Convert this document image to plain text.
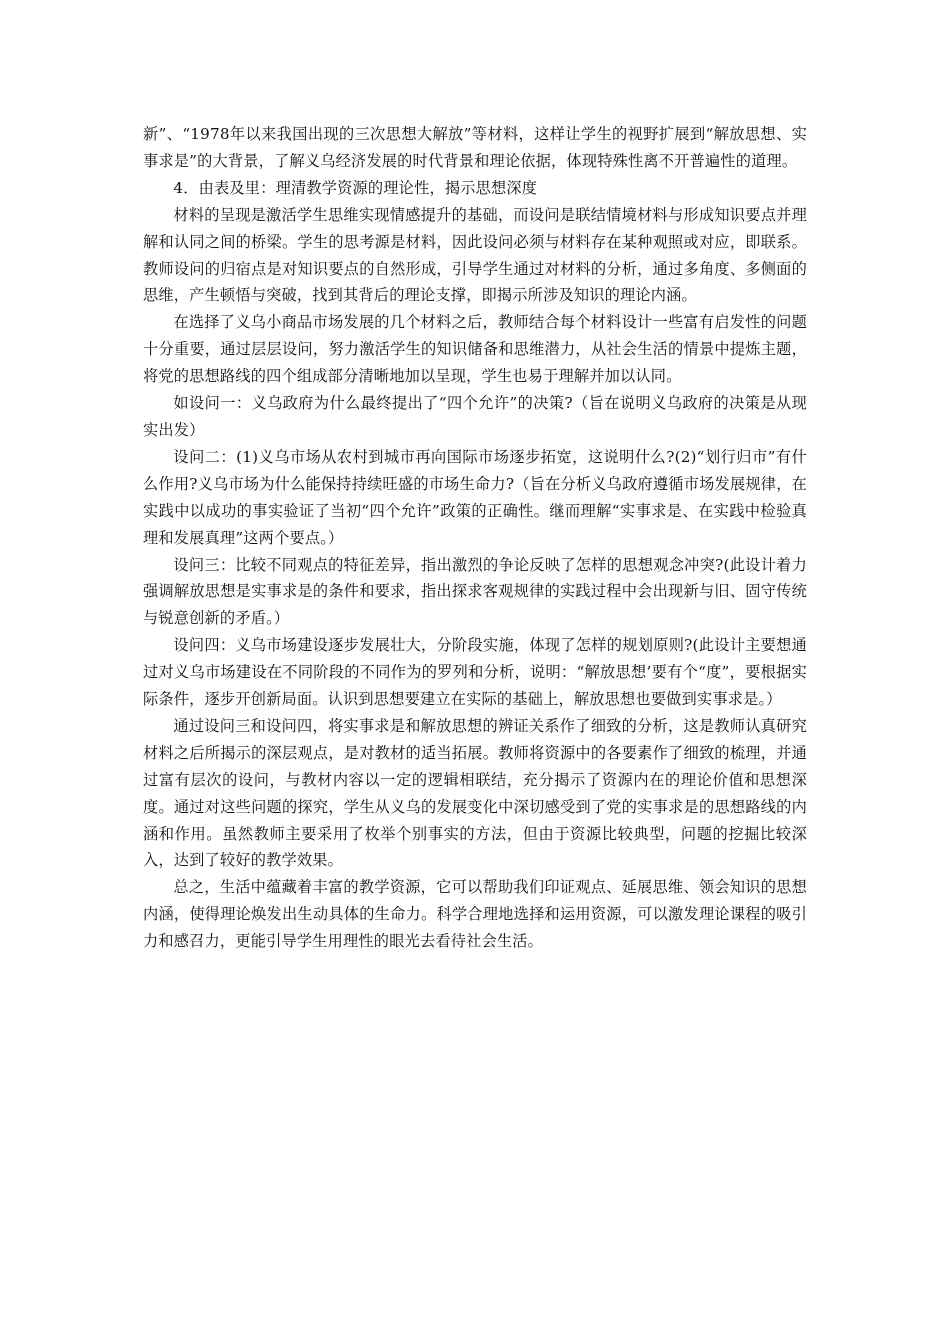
新”、“1978年以来我国出现的三次思想大解放”等材料，这样让学生的视野扩展到“解放思想、实事求是”的大背景，了解义乌经济发展的时代背景和理论依据，体现特殊性离不开普遍性的道理。

4．由表及里：理清教学资源的理论性，揭示思想深度

材料的呈现是激活学生思维实现情感提升的基础，而设问是联结情境材料与形成知识要点并理解和认同之间的桥梁。学生的思考源是材料，因此设问必须与材料存在某种观照或对应，即联系。教师设问的归宿点是对知识要点的自然形成，引导学生通过对材料的分析，通过多角度、多侧面的思维，产生顿悟与突破，找到其背后的理论支撑，即揭示所涉及知识的理论内涵。

在选择了义乌小商品市场发展的几个材料之后，教师结合每个材料设计一些富有启发性的问题十分重要，通过层层设问，努力激活学生的知识储备和思维潜力，从社会生活的情景中提炼主题，将党的思想路线的四个组成部分清晰地加以呈现，学生也易于理解并加以认同。

如设问一：义乌政府为什么最终提出了“四个允许”的决策?（旨在说明义乌政府的决策是从现实出发）

设问二：(1)义乌市场从农村到城市再向国际市场逐步拓宽，这说明什么?(2)“划行归市”有什么作用?义乌市场为什么能保持持续旺盛的市场生命力?（旨在分析义乌政府遵循市场发展规律，在实践中以成功的事实验证了当初“四个允许”政策的正确性。继而理解“实事求是、在实践中检验真理和发展真理”这两个要点。）

设问三：比较不同观点的特征差异，指出激烈的争论反映了怎样的思想观念冲突?(此设计着力强调解放思想是实事求是的条件和要求，指出探求客观规律的实践过程中会出现新与旧、固守传统与锐意创新的矛盾。）

设问四：义乌市场建设逐步发展壮大，分阶段实施，体现了怎样的规划原则?(此设计主要想通过对义乌市场建设在不同阶段的不同作为的罗列和分析，说明：“解放思想’要有个“度”，要根据实际条件，逐步开创新局面。认识到思想要建立在实际的基础上，解放思想也要做到实事求是。）

通过设问三和设问四，将实事求是和解放思想的辨证关系作了细致的分析，这是教师认真研究材料之后所揭示的深层观点，是对教材的适当拓展。教师将资源中的各要素作了细致的梳理，并通过富有层次的设问，与教材内容以一定的逻辑相联结，充分揭示了资源内在的理论价值和思想深度。通过对这些问题的探究，学生从义乌的发展变化中深切感受到了党的实事求是的思想路线的内涵和作用。虽然教师主要采用了枚举个别事实的方法，但由于资源比较典型，问题的挖掘比较深入，达到了较好的教学效果。

总之，生活中蕴藏着丰富的教学资源，它可以帮助我们印证观点、延展思维、领会知识的思想内涵，使得理论焕发出生动具体的生命力。科学合理地选择和运用资源，可以激发理论课程的吸引力和感召力，更能引导学生用理性的眼光去看待社会生活。
